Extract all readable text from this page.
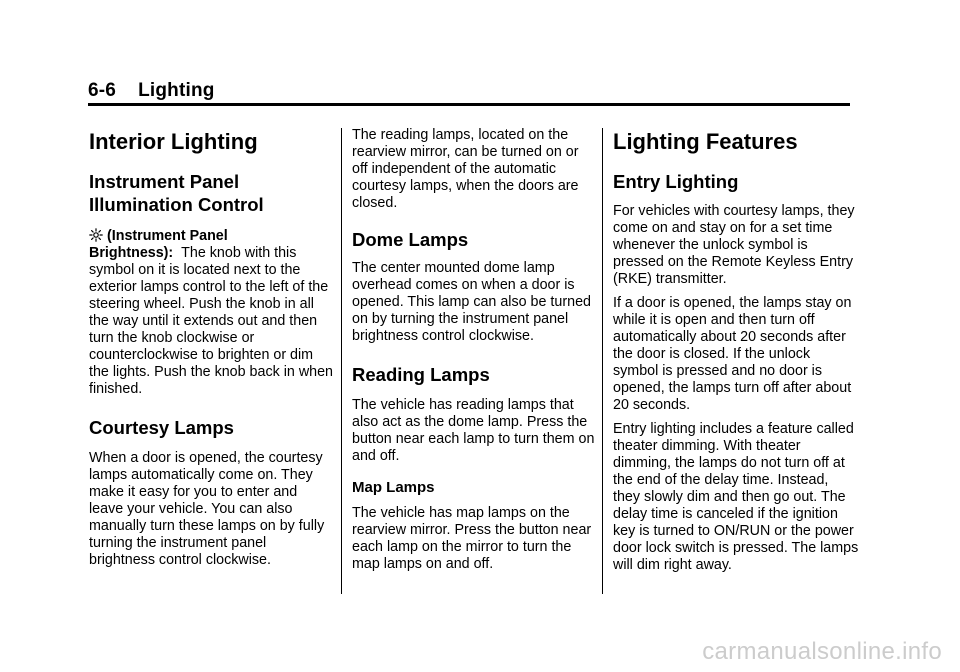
6-6 Lighting
Interior Lighting
Instrument Panel
Illumination Control

(Instrument Panel Brightness): The knob with this symbol on it is located next to the exterior lamps control to the left of the steering wheel. Push the knob in all the way until it extends out and then turn the knob clockwise or counterclockwise to brighten or dim the lights. Push the knob back in when finished.

Courtesy Lamps

When a door is opened, the courtesy lamps automatically come on. They make it easy for you to enter and leave your vehicle. You can also manually turn these lamps on by fully turning the instrument panel brightness control clockwise.

The reading lamps, located on the rearview mirror, can be turned on or off independent of the automatic courtesy lamps, when the doors are closed.

Dome Lamps

The center mounted dome lamp overhead comes on when a door is opened. This lamp can also be turned on by turning the instrument panel brightness control clockwise.

Reading Lamps

The vehicle has reading lamps that also act as the dome lamp. Press the button near each lamp to turn them on and off.

Map Lamps

The vehicle has map lamps on the rearview mirror. Press the button near each lamp on the mirror to turn the map lamps on and off.

Lighting Features
Entry Lighting

For vehicles with courtesy lamps, they come on and stay on for a set time whenever the unlock symbol is pressed on the Remote Keyless Entry (RKE) transmitter.

If a door is opened, the lamps stay on while it is open and then turn off automatically about 20 seconds after the door is closed. If the unlock symbol is pressed and no door is opened, the lamps turn off after about 20 seconds.

Entry lighting includes a feature called theater dimming. With theater dimming, the lamps do not turn off at the end of the delay time. Instead, they slowly dim and then go out. The delay time is canceled if the ignition key is turned to ON/RUN or the power door lock switch is pressed. The lamps will dim right away.

carmanualsonline.info
